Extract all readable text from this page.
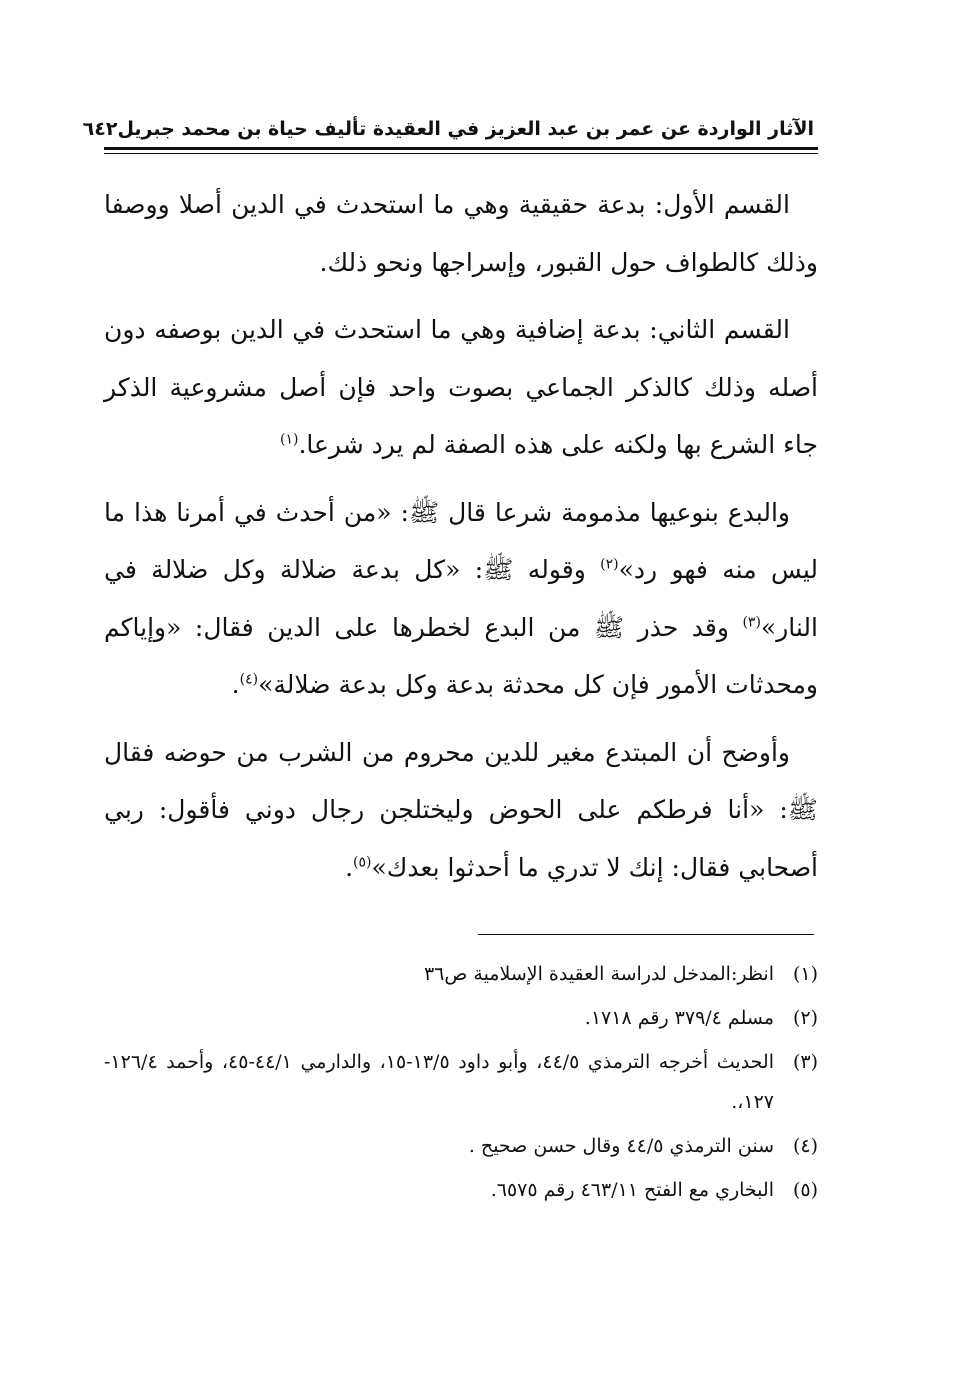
الآثار الواردة عن عمر بن عبد العزيز في العقيدة تأليف حياة بن محمد جبريل
٦٤٢

القسم الأول: بدعة حقيقية وهي ما استحدث في الدين أصلا ووصفا وذلك كالطواف حول القبور، وإسراجها ونحو ذلك.

القسم الثاني: بدعة إضافية وهي ما استحدث في الدين بوصفه دون أصله وذلك كالذكر الجماعي بصوت واحد فإن أصل مشروعية الذكر جاء الشرع بها ولكنه على هذه الصفة لم يرد شرعا.$^{(١)}$

والبدع بنوعيها مذمومة شرعا قال ﷺ: «من أحدث في أمرنا هذا ما ليس منه فهو رد»$^{(٢)}$ وقوله ﷺ: «كل بدعة ضلالة وكل ضلالة في النار»$^{(٣)}$ وقد حذر ﷺ من البدع لخطرها على الدين فقال: «وإياكم ومحدثات الأمور فإن كل محدثة بدعة وكل بدعة ضلالة»$^{(٤)}$.

وأوضح أن المبتدع مغير للدين محروم من الشرب من حوضه فقال ﷺ: «أنا فرطكم على الحوض وليختلجن رجال دوني فأقول: ربي أصحابي فقال: إنك لا تدري ما أحدثوا بعدك»$^{(٥)}$.

(١)
انظر:المدخل لدراسة العقيدة الإسلامية ص٣٦
(٢)
مسلم ٣٧٩/٤ رقم ١٧١٨.
(٣)
الحديث أخرجه الترمذي ٤٤/٥، وأبو داود ١٣/٥-١٥، والدارمي ٤٤/١-٤٥، وأحمد ١٢٦/٤- ١٢٧،.
(٤)
سنن الترمذي ٤٤/٥ وقال حسن صحيح .
(٥)
البخاري مع الفتح ٤٦٣/١١ رقم ٦٥٧٥.
